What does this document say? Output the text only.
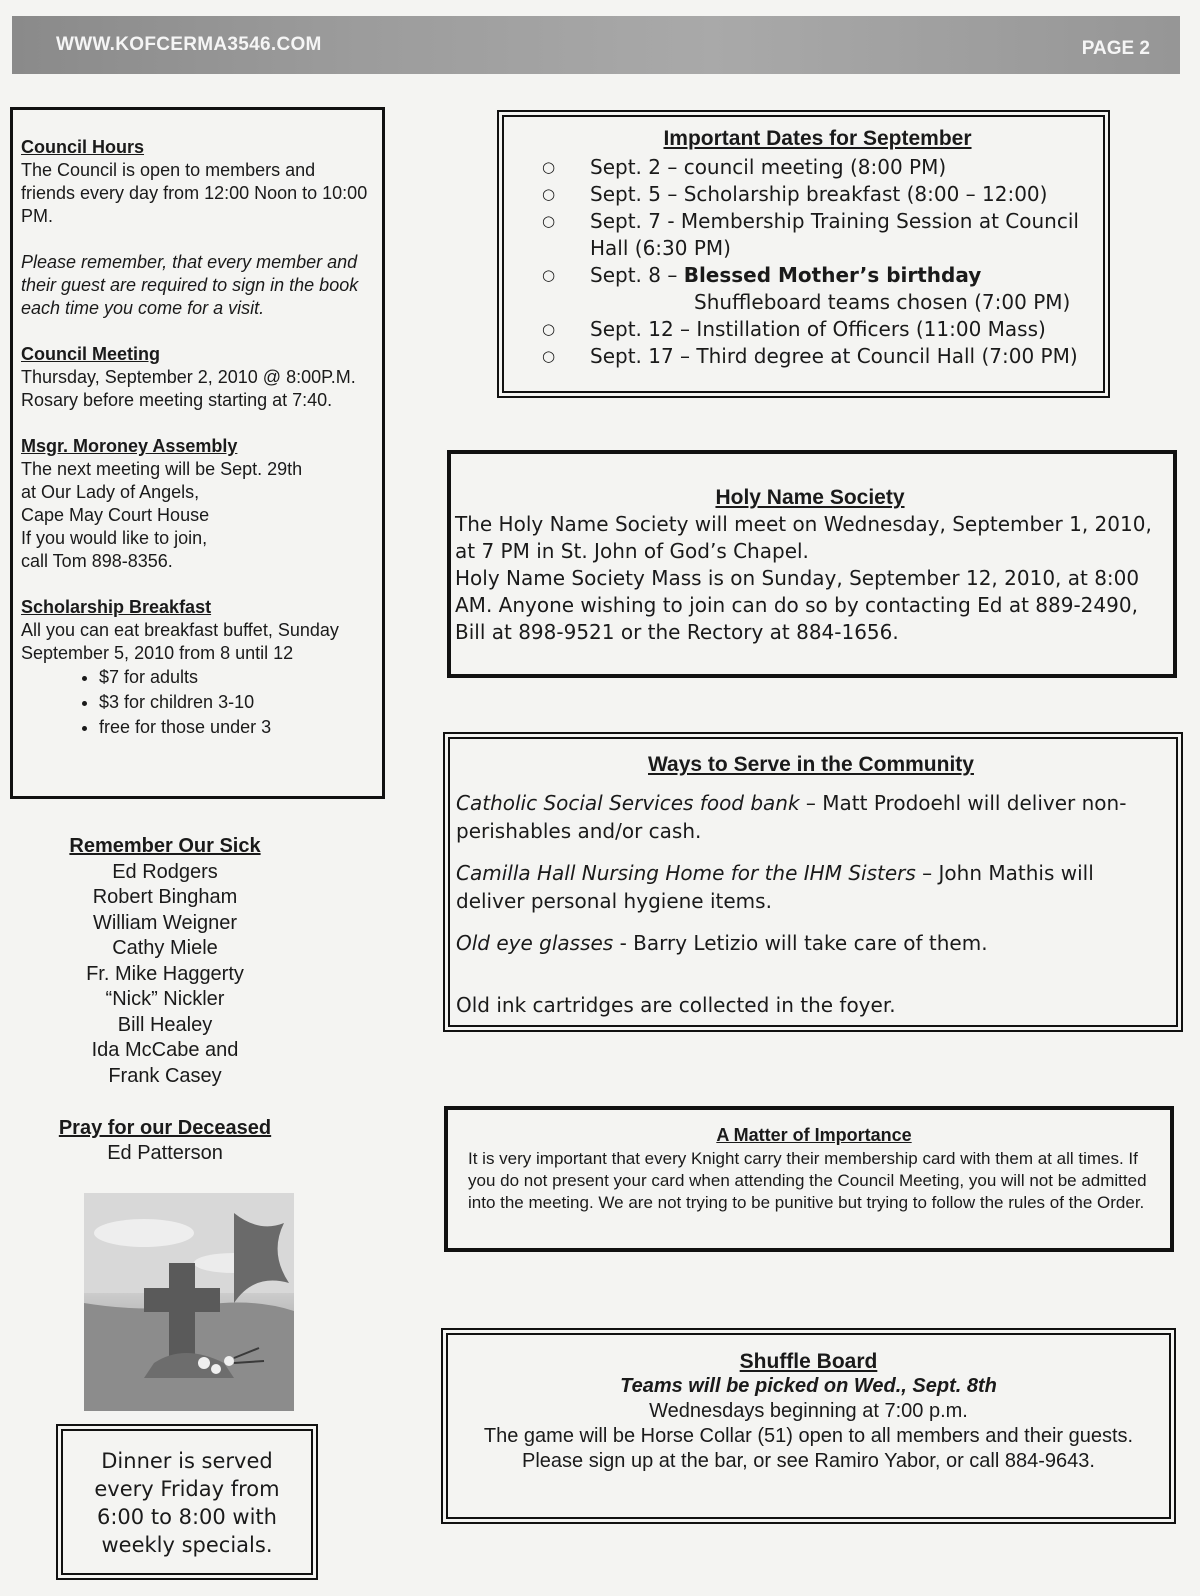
WWW.KOFCERMA3546.COM	PAGE 2
Council Hours

The Council is open to members and friends every day from 12:00 Noon to 10:00 PM.

Please remember, that every member and their guest are required to sign in the book each time you come for a visit.
Council Meeting

Thursday, September 2, 2010 @ 8:00P.M.

Rosary before meeting starting at 7:40.

Msgr. Moroney Assembly

The next meeting will be Sept. 29th

at Our Lady of Angels,

Cape May Court House

If you would like to join,

call Tom 898-8356.

Scholarship Breakfast

All you can eat breakfast buffet, Sunday September 5, 2010 from 8 until 12

• $7 for adults
• $3 for children 3-10
• free for those under 3
Remember Our Sick
Ed Rodgers
Robert Bingham
William Weigner
Cathy Miele
Fr. Mike Haggerty
“Nick” Nickler
Bill Healey
Ida McCabe and
Frank Casey
Pray for our Deceased
Ed Patterson
Dinner is served
every Friday from
6:00 to 8:00 with
weekly specials.
Important Dates for September
○	Sept. 2 – council meeting (8:00 PM)
○	Sept. 5 – Scholarship breakfast (8:00 – 12:00)
○	Sept. 7 - Membership Training Session at Council Hall (6:30 PM)
○	Sept. 8 – Blessed Mother’s birthday
Shuffleboard teams chosen (7:00 PM)
○	Sept. 12 – Instillation of Officers (11:00 Mass)
○	Sept. 17 – Third degree at Council Hall (7:00 PM)
Holy Name Society

The Holy Name Society will meet on Wednesday, September 1, 2010, at 7 PM in St. John of God’s Chapel.

Holy Name Society Mass is on Sunday, September 12, 2010, at 8:00 AM. Anyone wishing to join can do so by contacting Ed at 889-2490, Bill at 898-9521 or the Rectory at 884-1656.

Ways to Serve in the Community

Catholic Social Services food bank – Matt Prodoehl will deliver non-perishables and/or cash.

Camilla Hall Nursing Home for the IHM Sisters – John Mathis will deliver personal hygiene items.

Old eye glasses - Barry Letizio will take care of them.

Old ink cartridges are collected in the foyer.

A Matter of Importance
It is very important that every Knight carry their membership card with them at all times. If you do not present your card when attending the Council Meeting, you will not be admitted into the meeting. We are not trying to be punitive but trying to follow the rules of the Order.
Shuffle Board
Teams will be picked on Wed., Sept. 8th
Wednesdays beginning at 7:00 p.m.
The game will be Horse Collar (51) open to all members and their guests. Please sign up at the bar, or see Ramiro Yabor, or call 884-9643.
